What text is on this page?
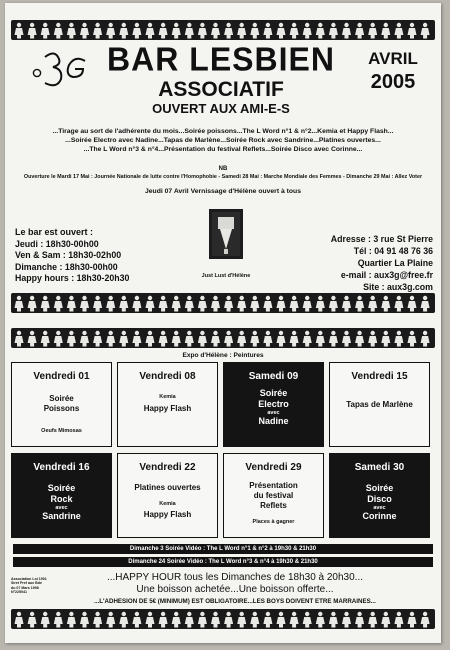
o3G
BAR LESBIEN
ASSOCIATIF
OUVERT AUX AMI-E-S
AVRIL
2005
...Tirage au sort de l'adhérente du mois...Soirée poissons...The L Word n°1 & n°2...Kemia et Happy Flash...
...Soirée Electro avec Nadine...Tapas de Marlène...Soirée Rock avec Sandrine...Platines ouvertes...
...The L Word n°3 & n°4...Présentation du festival Reflets...Soirée Disco avec Corinne...
NB
Ouverture le Mardi 17 Mai : Journée Nationale de lutte contre l'Homophobie - Samedi 28 Mai : Marche Mondiale des Femmes - Dimanche 29 Mai : Allez Voter
Jeudi 07 Avril Vernissage d'Hélène ouvert à tous
Le bar est ouvert :
Jeudi : 18h30-00h00
Ven & Sam : 18h30-02h00
Dimanche : 18h30-00h00
Happy hours : 18h30-20h30	Just Lust d'Hélène
Adresse : 3 rue St Pierre
Tél : 04 91 48 76 36
Quartier La Plaine
e-mail : aux3g@free.fr
Site : aux3g.com
Expo d'Hélène : Peintures
Vendredi 01
Soirée
Poissons
Oeufs Mimosas
Vendredi 08
Kemia
Happy Flash
Samedi 09
Soirée
Electro
avec
Nadine
Vendredi 15
Tapas de Marlène
Vendredi 16
Soirée
Rock
avec
Sandrine
Vendredi 22
Platines ouvertes
Kemia
Happy Flash
Vendredi 29
Présentation
du festival
Reflets
Places à gagner
Samedi 30
Soirée
Disco
avec
Corinne
Dimanche 3 Soirée Vidéo : The L Word n°1 & n°2 à 19h30 & 21h30
Dimanche 24 Soirée Vidéo : The L Word n°3 & n°4 à 19h30 & 21h30
Association Loi 1901
Siret Pref aux Bde
du 07 Mars 1998
N°225041
...HAPPY HOUR tous les Dimanches de 18h30 à 20h30...
Une boisson achetée...Une boisson offerte...
...L'ADHESION DE 5€ (MINIMUM) EST OBLIGATOIRE...LES BOYS DOIVENT ETRE MARRAINES...
